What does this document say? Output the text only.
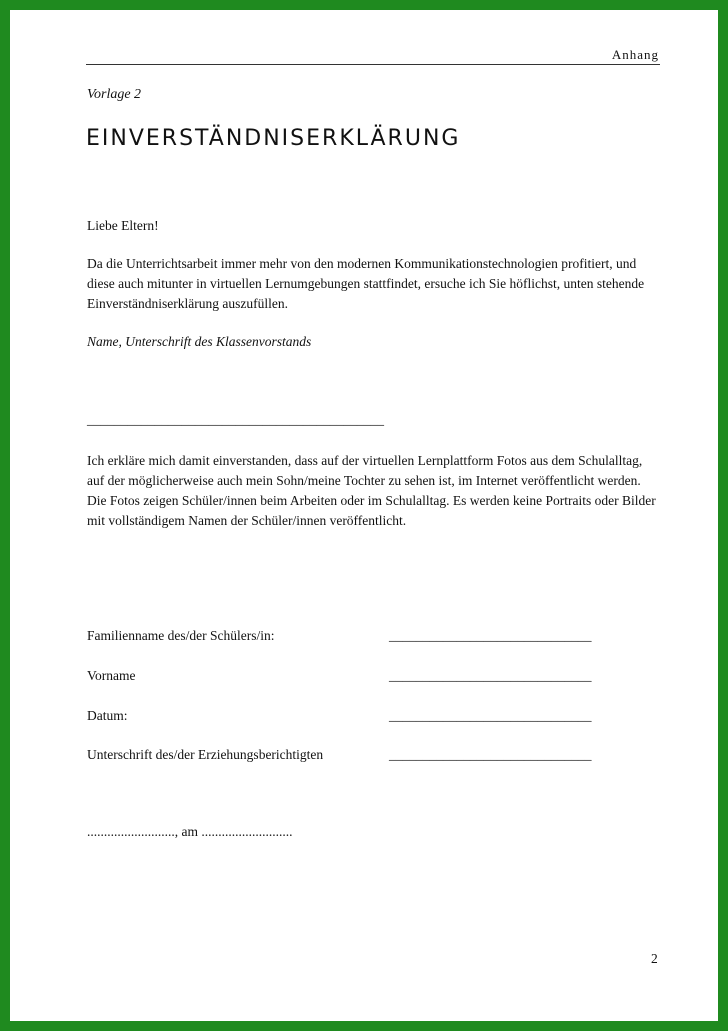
Anhang
Vorlage 2
EINVERSTÄNDNISERKLÄRUNG
Liebe Eltern!
Da die Unterrichtsarbeit immer mehr von den modernen Kommunikationstechnologien profitiert, und diese auch mitunter in virtuellen Lernumgebungen stattfindet, ersuche ich Sie höflichst, unten stehende Einverständniserklärung auszufüllen.
Name, Unterschrift des Klassenvorstands
____________________________________________
Ich erkläre mich damit einverstanden, dass auf der virtuellen Lernplattform Fotos aus dem Schulalltag, auf der möglicherweise auch mein Sohn/meine Tochter zu sehen ist, im Internet veröffentlicht werden. Die Fotos zeigen Schüler/innen beim Arbeiten oder im Schulalltag. Es werden keine Portraits oder Bilder mit vollständigem Namen der Schüler/innen veröffentlicht.
Familienname des/der Schülers/in:	______________________________
Vorname	______________________________
Datum:	______________________________
Unterschrift des/der Erziehungsberichtigten	______________________________
.........................., am ...........................
2
